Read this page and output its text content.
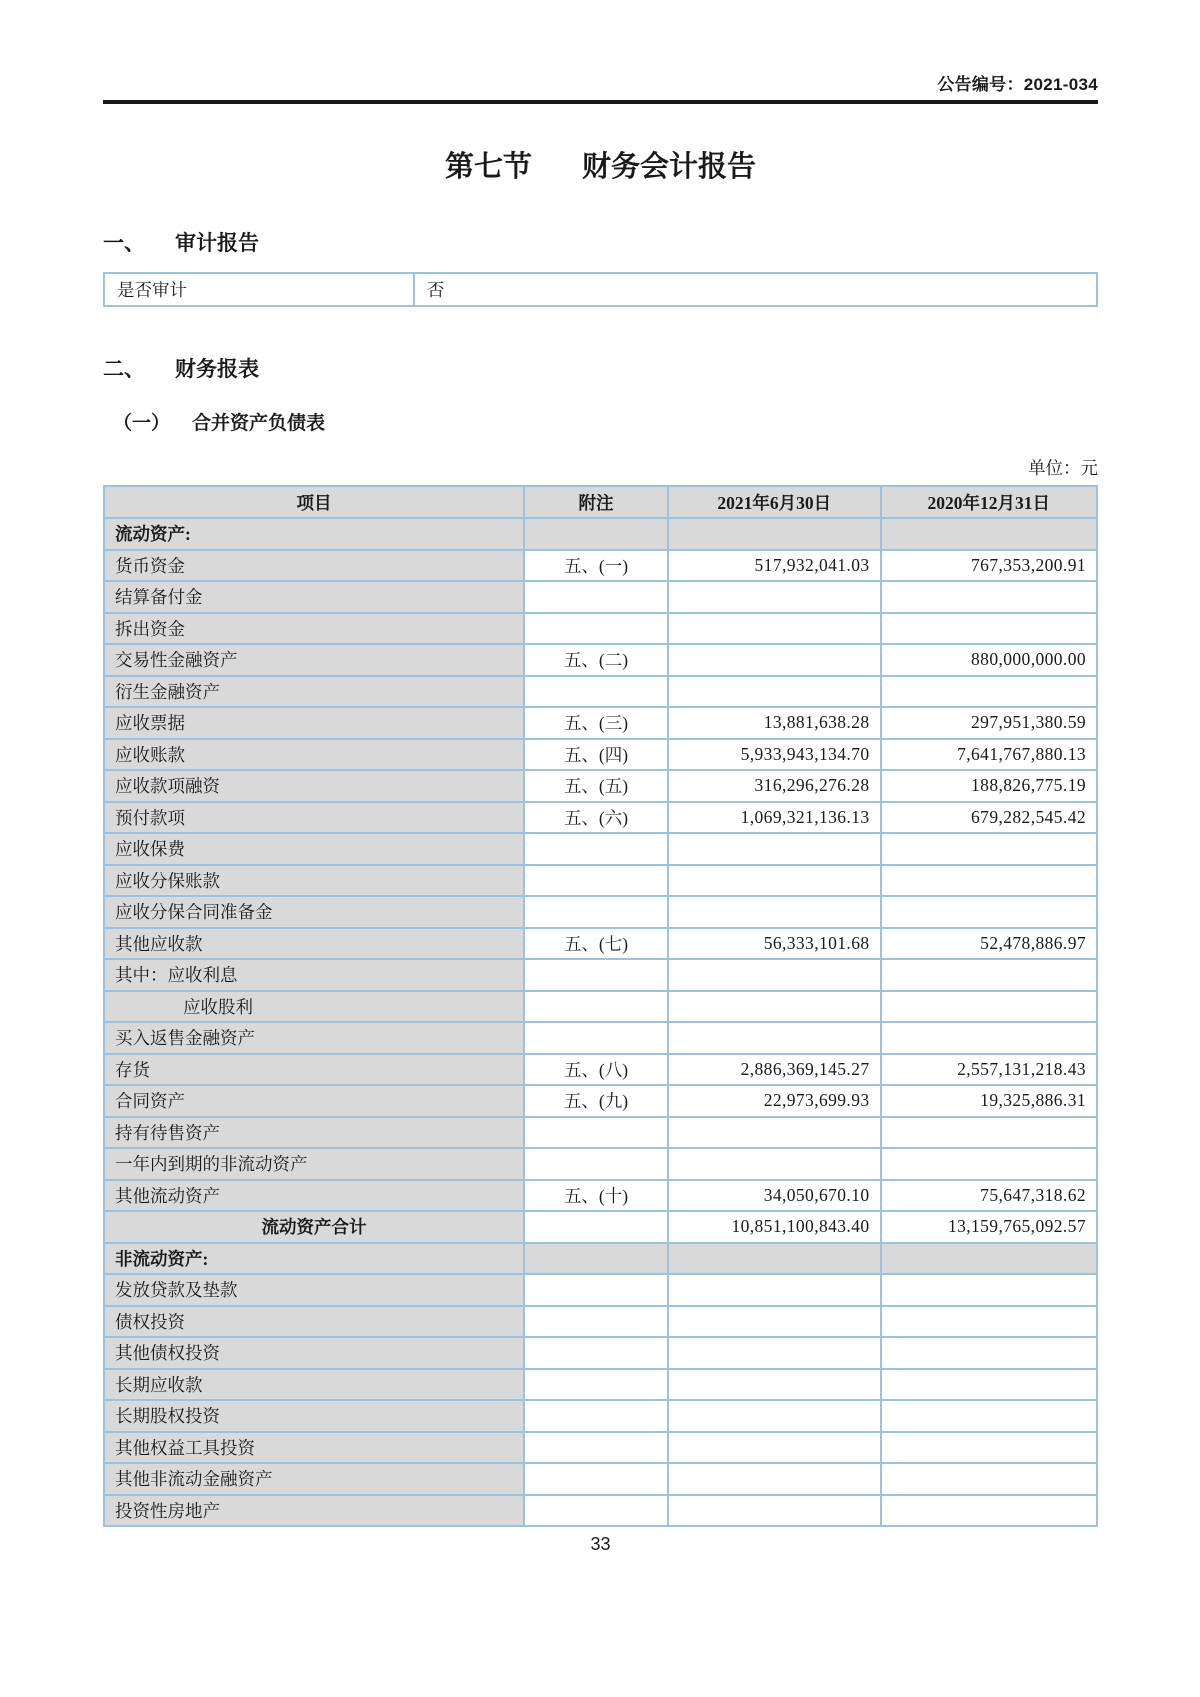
公告编号：2021-034
第七节 财务会计报告
一、 审计报告
是否审计	否
二、 财务报表
（一） 合并资产负债表
单位：元
项目	附注	2021年6月30日	2020年12月31日
流动资产:			
货币资金	五、(一)	517,932,041.03	767,353,200.91
结算备付金			
拆出资金			
交易性金融资产	五、(二)		880,000,000.00
衍生金融资产			
应收票据	五、(三)	13,881,638.28	297,951,380.59
应收账款	五、(四)	5,933,943,134.70	7,641,767,880.13
应收款项融资	五、(五)	316,296,276.28	188,826,775.19
预付款项	五、(六)	1,069,321,136.13	679,282,545.42
应收保费			
应收分保账款			
应收分保合同准备金			
其他应收款	五、(七)	56,333,101.68	52,478,886.97
其中：应收利息			
应收股利			
买入返售金融资产			
存货	五、(八)	2,886,369,145.27	2,557,131,218.43
合同资产	五、(九)	22,973,699.93	19,325,886.31
持有待售资产			
一年内到期的非流动资产			
其他流动资产	五、(十)	34,050,670.10	75,647,318.62
流动资产合计		10,851,100,843.40	13,159,765,092.57
非流动资产:			
发放贷款及垫款			
债权投资			
其他债权投资			
长期应收款			
长期股权投资			
其他权益工具投资			
其他非流动金融资产			
投资性房地产			
33
